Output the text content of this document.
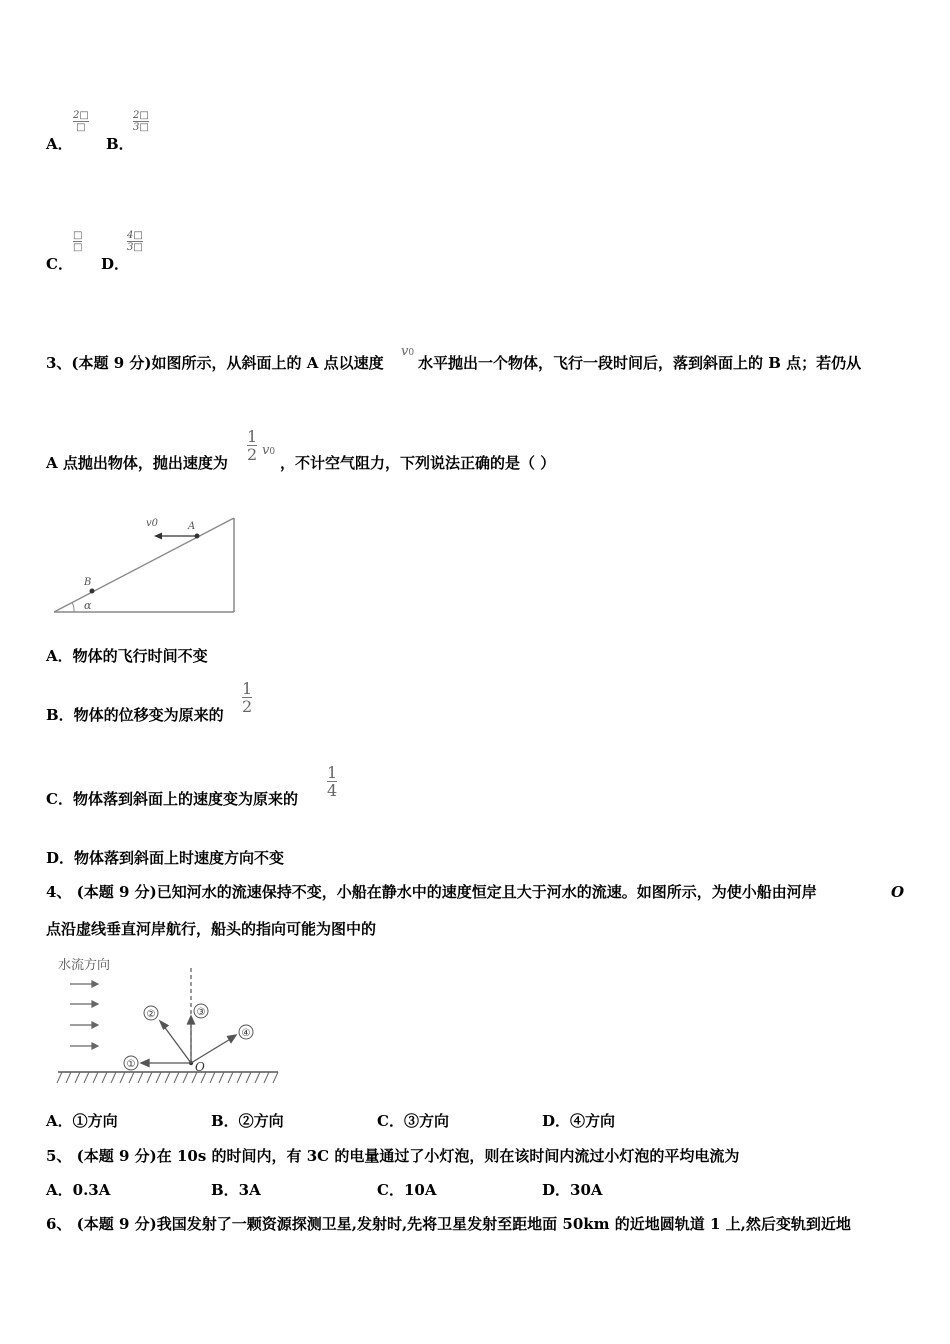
A．
2□
□
B．
2□
3□
C．
□
□
D．
4□
3□
3、(本题 9 分)如图所示，从斜面上的 A 点以速度
v0
水平抛出一个物体，飞行一段时间后，落到斜面上的 B 点；若仍从
A 点抛出物体，抛出速度为
1
2 v0
，不计空气阻力，下列说法正确的是（ ）
v0	A
B
α
A．物体的飞行时间不变
B．物体的位移变为原来的
1
2
C．物体落到斜面上的速度变为原来的
1
4
D．物体落到斜面上时速度方向不变
4、 (本题 9 分)已知河水的流速保持不变，小船在静水中的速度恒定且大于河水的流速。如图所示，为使小船由河岸	O
点沿虚线垂直河岸航行，船头的指向可能为图中的
水流方向
①
②	③
④
O
A．①方向	B．②方向	C．③方向	D．④方向
5、 (本题 9 分)在 10s 的时间内，有 3C 的电量通过了小灯泡，则在该时间内流过小灯泡的平均电流为
A．0.3A	B．3A	C．10A	D．30A
6、 (本题 9 分)我国发射了一颗资源探测卫星,发射时,先将卫星发射至距地面 50km 的近地圆轨道 1 上,然后变轨到近地
